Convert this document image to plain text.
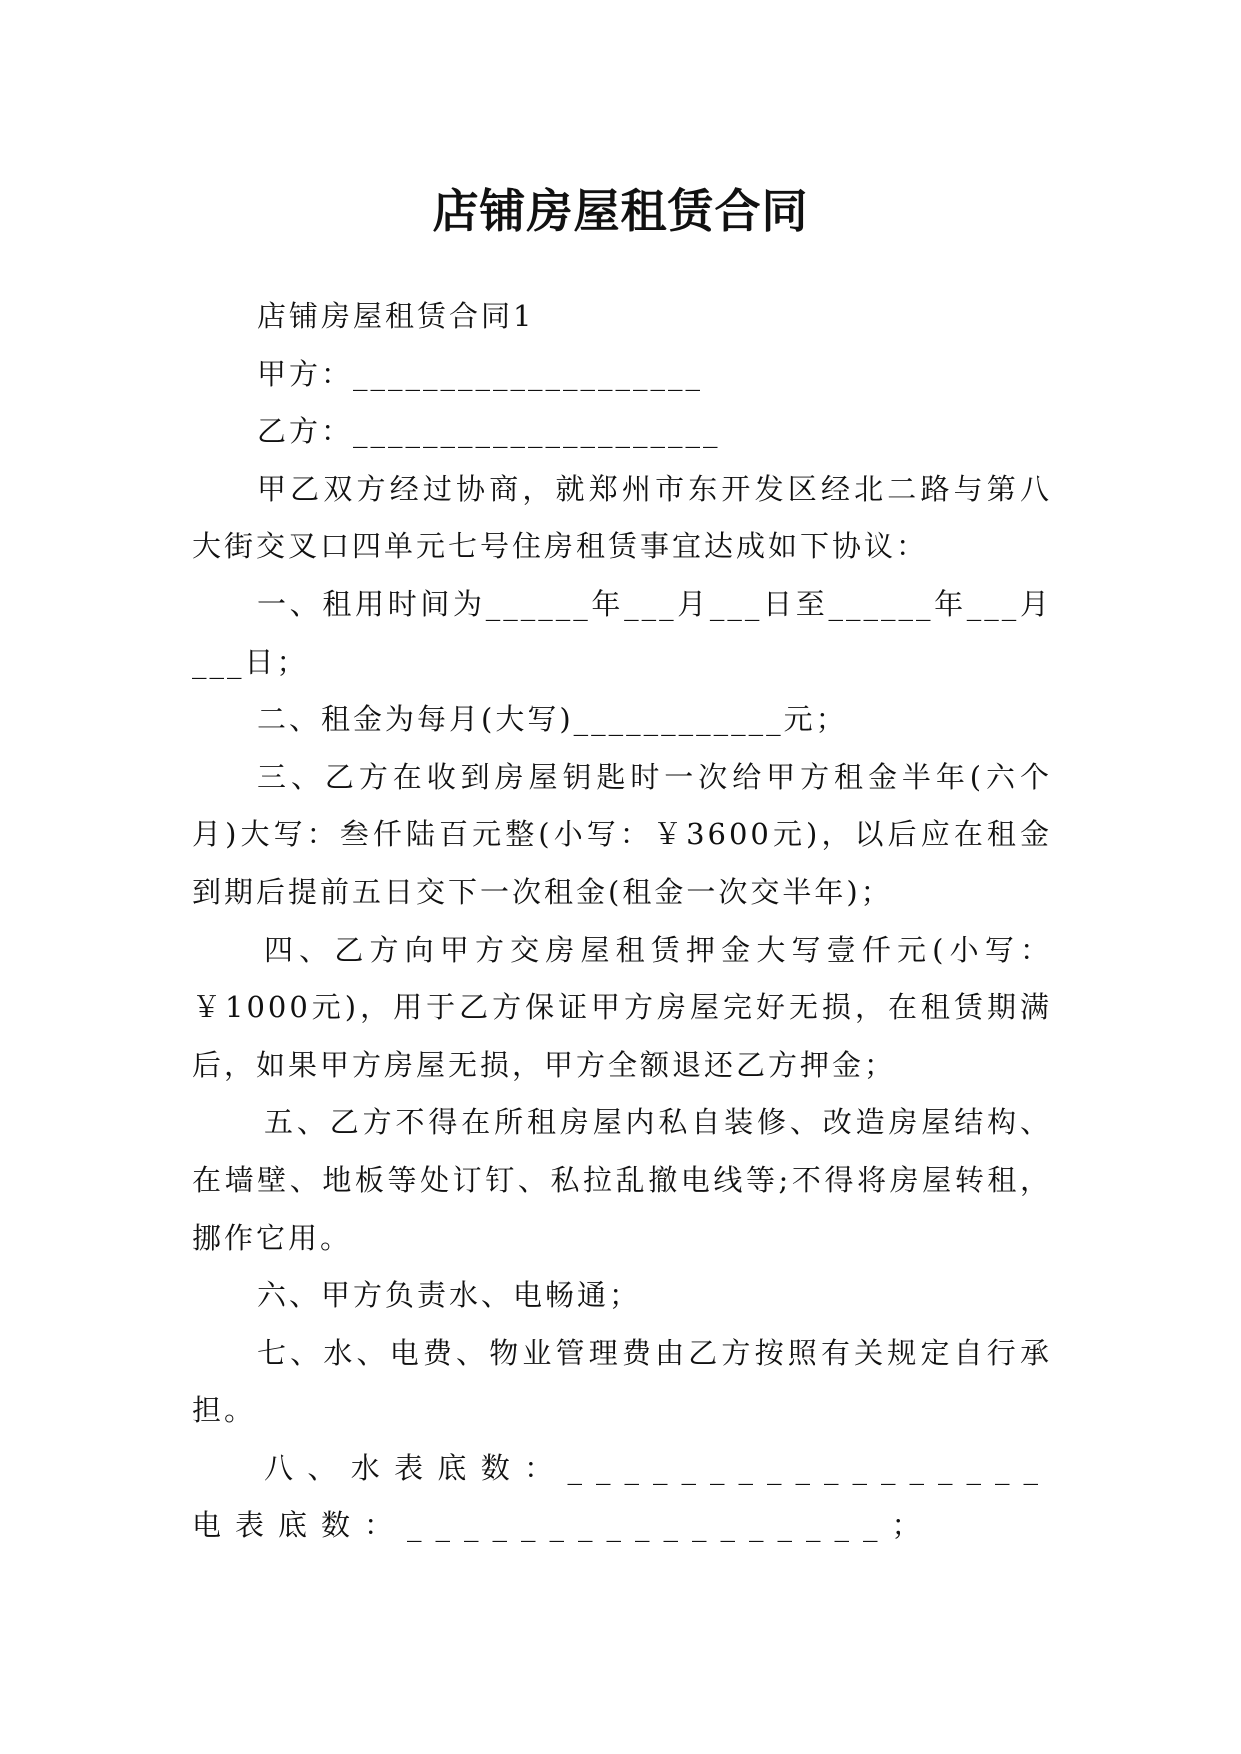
店铺房屋租赁合同

店铺房屋租赁合同1

甲方：____________________

乙方：_____________________

甲乙双方经过协商，就郑州市东开发区经北二路与第八大街交叉口四单元七号住房租赁事宜达成如下协议：

一、租用时间为______年___月___日至______年___月___日；

二、租金为每月(大写)____________元；

三、乙方在收到房屋钥匙时一次给甲方租金半年(六个月)大写：叁仟陆百元整(小写：￥3600元)，以后应在租金到期后提前五日交下一次租金(租金一次交半年)；

四、乙方向甲方交房屋租赁押金大写壹仟元(小写：￥1000元)，用于乙方保证甲方房屋完好无损，在租赁期满后，如果甲方房屋无损，甲方全额退还乙方押金；

五、乙方不得在所租房屋内私自装修、改造房屋结构、在墙壁、地板等处订钉、私拉乱撤电线等;不得将房屋转租，挪作它用。

六、甲方负责水、电畅通；

七、水、电费、物业管理费由乙方按照有关规定自行承担。

八、水表底数：_________________电表底数：_________________；
